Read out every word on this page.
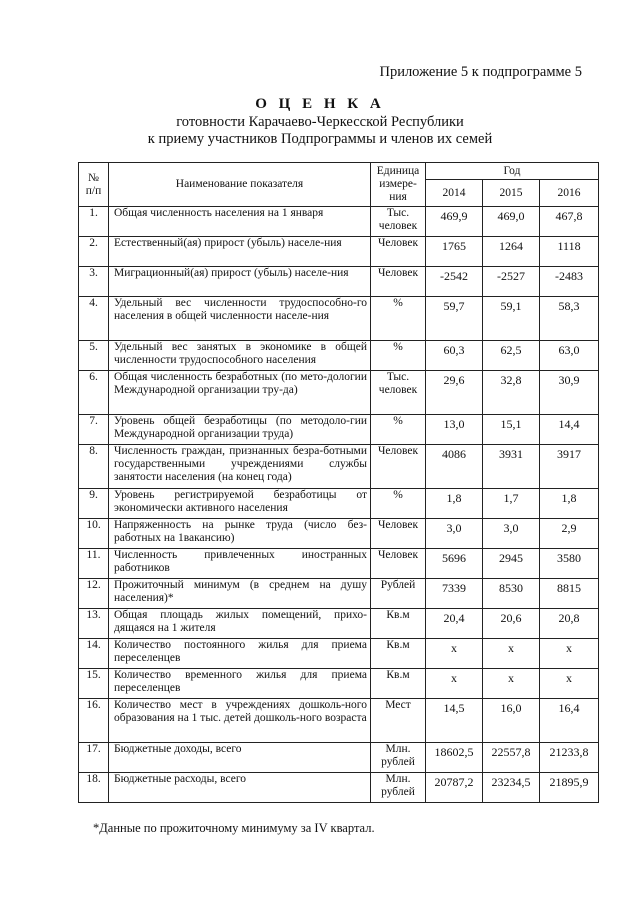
Приложение 5 к подпрограмме 5
О Ц Е Н К А
готовности Карачаево-Черкесской Республики
к приему участников Подпрограммы и членов их семей
№ п/п	Наименование показателя	Единица измере-ния	Год		
			2014	2015	2016
1.	Общая численность населения на 1 января	Тыс. человек	469,9	469,0	467,8
2.	Естественный(ая) прирост (убыль) населе-ния	Человек	1765	1264	1118
3.	Миграционный(ая) прирост (убыль) населе-ния	Человек	-2542	-2527	-2483
4.	Удельный вес численности трудоспособно-го населения в общей численности населе-ния	%	59,7	59,1	58,3
5.	Удельный вес занятых в экономике в общей численности трудоспособного населения	%	60,3	62,5	63,0
6.	Общая численность безработных (по мето-дологии Международной организации тру-да)	Тыс. человек	29,6	32,8	30,9
7.	Уровень общей безработицы (по методоло-гии Международной организации труда)	%	13,0	15,1	14,4
8.	Численность граждан, признанных безра-ботными государственными учреждениями службы занятости населения (на конец года)	Человек	4086	3931	3917
9.	Уровень регистрируемой безработицы от экономически активного населения	%	1,8	1,7	1,8
10.	Напряженность на рынке труда (число без-работных на 1вакансию)	Человек	3,0	3,0	2,9
11.	Численность привлеченных иностранных работников	Человек	5696	2945	3580
12.	Прожиточный минимум (в среднем на душу населения)*	Рублей	7339	8530	8815
13.	Общая площадь жилых помещений, прихо-дящаяся на 1 жителя	Кв.м	20,4	20,6	20,8
14.	Количество постоянного жилья для приема переселенцев	Кв.м	x	x	x
15.	Количество временного жилья для приема переселенцев	Кв.м	x	x	x
16.	Количество мест в учреждениях дошколь-ного образования на 1 тыс. детей дошколь-ного возраста	Мест	14,5	16,0	16,4
17.	Бюджетные доходы, всего	Млн. рублей	18602,5	22557,8	21233,8
18.	Бюджетные расходы, всего	Млн. рублей	20787,2	23234,5	21895,9
*Данные по прожиточному минимуму за IV квартал.
